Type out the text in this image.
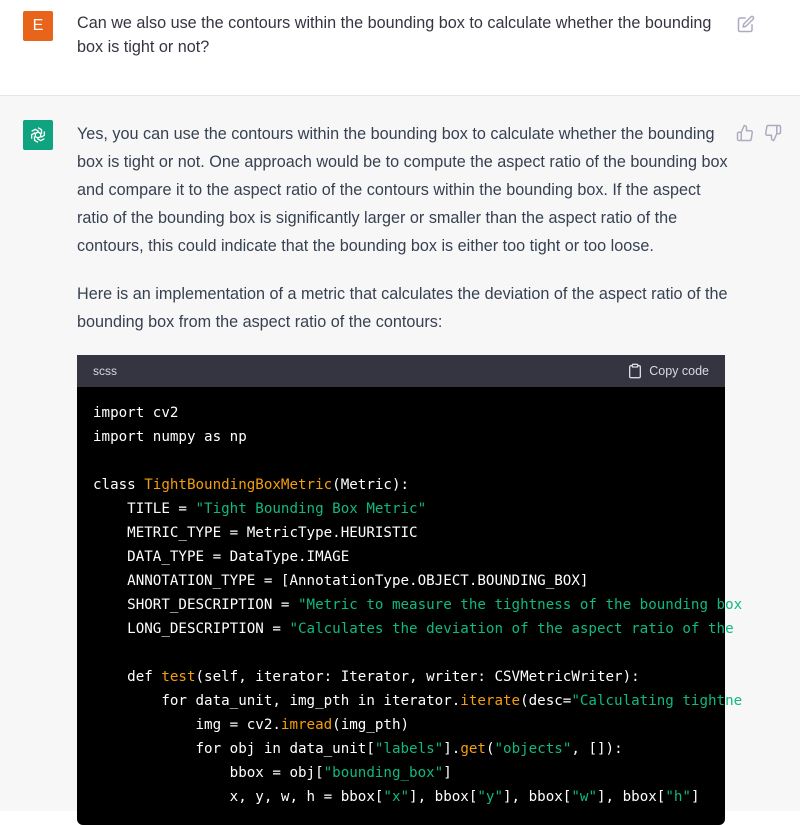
E	Can we also use the contours within the bounding box to calculate whether the bounding box is tight or not?

Yes, you can use the contours within the bounding box to calculate whether the bounding box is tight or not. One approach would be to compute the aspect ratio of the bounding box and compare it to the aspect ratio of the contours within the bounding box. If the aspect ratio of the bounding box is significantly larger or smaller than the aspect ratio of the contours, this could indicate that the bounding box is either too tight or too loose.

Here is an implementation of a metric that calculates the deviation of the aspect ratio of the bounding box from the aspect ratio of the contours:

scss	Copy code
import cv2
import numpy as np

class TightBoundingBoxMetric(Metric):
TITLE = "Tight Bounding Box Metric"
METRIC_TYPE = MetricType.HEURISTIC
DATA_TYPE = DataType.IMAGE
ANNOTATION_TYPE = [AnnotationType.OBJECT.BOUNDING_BOX]
SHORT_DESCRIPTION = "Metric to measure the tightness of the bounding box
LONG_DESCRIPTION = "Calculates the deviation of the aspect ratio of the

def test(self, iterator: Iterator, writer: CSVMetricWriter):
for data_unit, img_pth in iterator.iterate(desc="Calculating tightne
img = cv2.imread(img_pth)
for obj in data_unit["labels"].get("objects", []):
bbox = obj["bounding_box"]
x, y, w, h = bbox["x"], bbox["y"], bbox["w"], bbox["h"]
